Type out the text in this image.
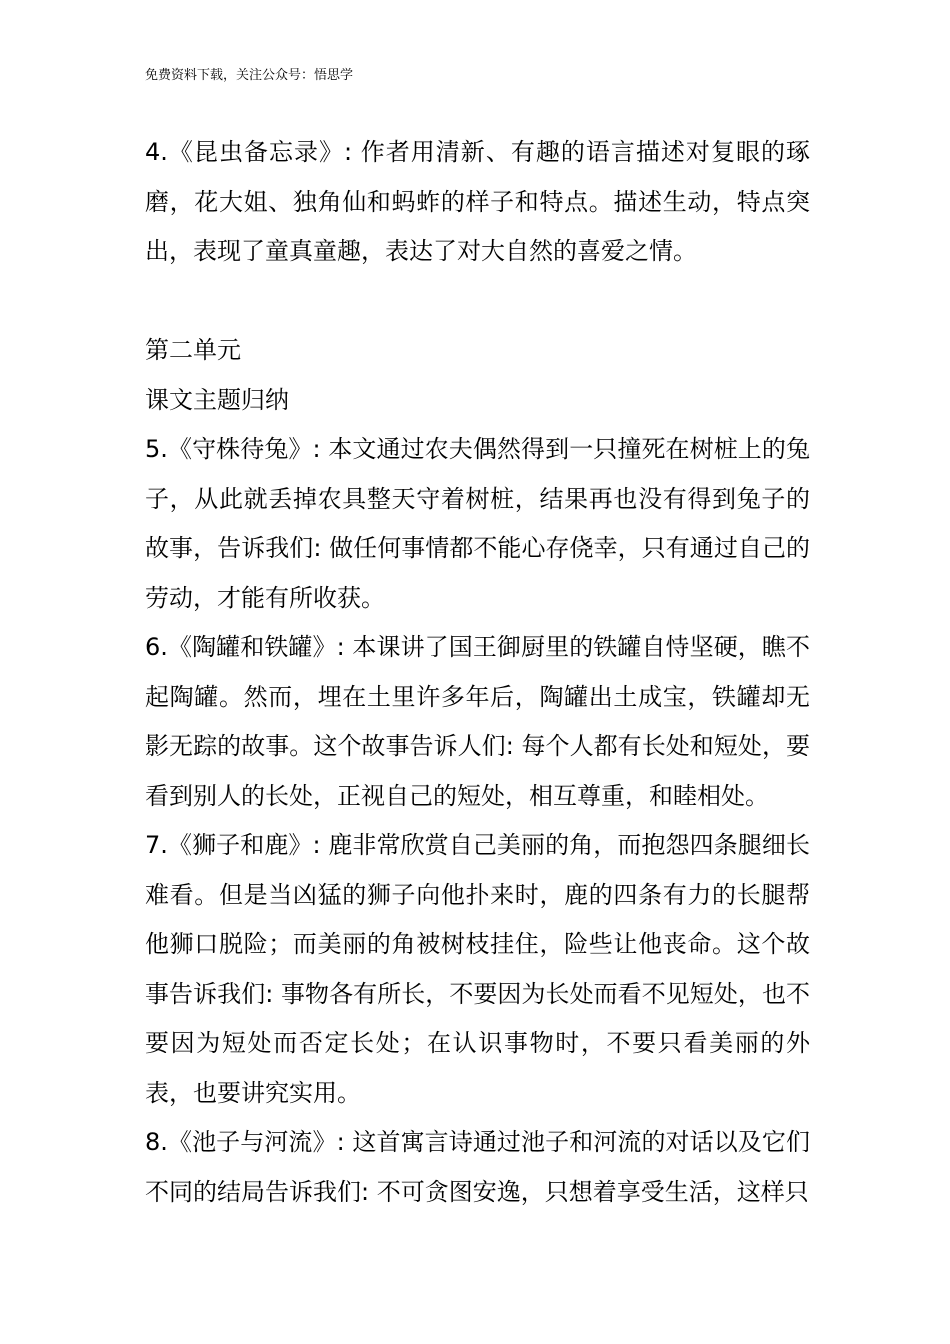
免费资料下载，关注公众号：悟思学

4.《昆虫备忘录》: 作者用清新、有趣的语言描述对复眼的琢磨，花大姐、独角仙和蚂蚱的样子和特点。描述生动，特点突出，表现了童真童趣，表达了对大自然的喜爱之情。

第二单元

课文主题归纳

5.《守株待兔》: 本文通过农夫偶然得到一只撞死在树桩上的兔子，从此就丢掉农具整天守着树桩，结果再也没有得到兔子的故事，告诉我们: 做任何事情都不能心存侥幸，只有通过自己的劳动，才能有所收获。

6.《陶罐和铁罐》: 本课讲了国王御厨里的铁罐自恃坚硬，瞧不起陶罐。然而，埋在土里许多年后，陶罐出土成宝，铁罐却无影无踪的故事。这个故事告诉人们: 每个人都有长处和短处，要看到别人的长处，正视自己的短处，相互尊重，和睦相处。

7.《狮子和鹿》: 鹿非常欣赏自己美丽的角，而抱怨四条腿细长难看。但是当凶猛的狮子向他扑来时，鹿的四条有力的长腿帮他狮口脱险；而美丽的角被树枝挂住，险些让他丧命。这个故事告诉我们: 事物各有所长，不要因为长处而看不见短处，也不要因为短处而否定长处；在认识事物时，不要只看美丽的外表，也要讲究实用。

8.《池子与河流》: 这首寓言诗通过池子和河流的对话以及它们不同的结局告诉我们: 不可贪图安逸，只想着享受生活，这样只
